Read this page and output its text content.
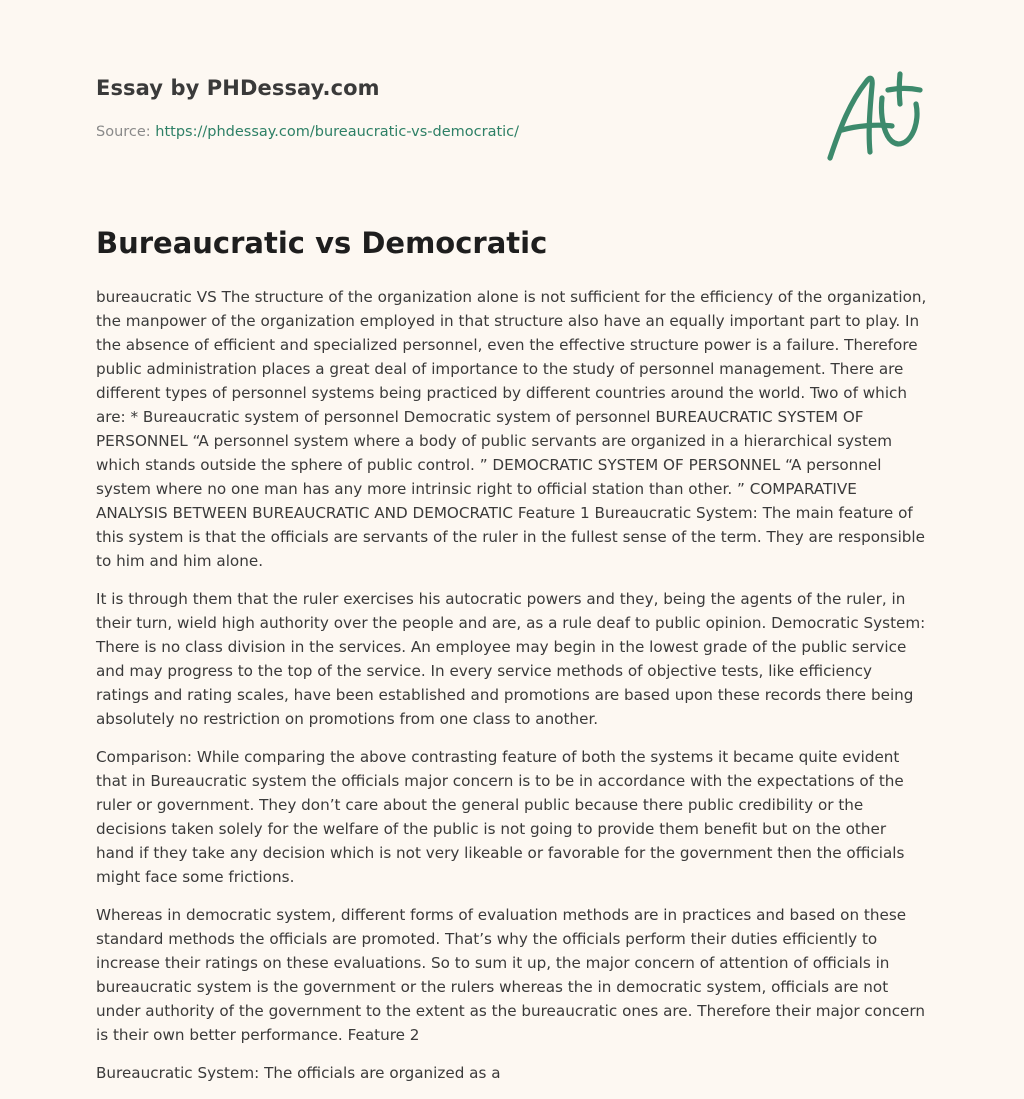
Essay by PHDessay.com
Source: https://phdessay.com/bureaucratic-vs-democratic/
Bureaucratic vs Democratic

bureaucratic VS The structure of the organization alone is not sufficient for the efficiency of the organization, the manpower of the organization employed in that structure also have an equally important part to play. In the absence of efficient and specialized personnel, even the effective structure power is a failure. Therefore public administration places a great deal of importance to the study of personnel management. There are different types of personnel systems being practiced by different countries around the world. Two of which are: * Bureaucratic system of personnel Democratic system of personnel BUREAUCRATIC SYSTEM OF PERSONNEL “A personnel system where a body of public servants are organized in a hierarchical system which stands outside the sphere of public control. ” DEMOCRATIC SYSTEM OF PERSONNEL “A personnel system where no one man has any more intrinsic right to official station than other. ” COMPARATIVE ANALYSIS BETWEEN BUREAUCRATIC AND DEMOCRATIC Feature 1 Bureaucratic System: The main feature of this system is that the officials are servants of the ruler in the fullest sense of the term. They are responsible to him and him alone.

It is through them that the ruler exercises his autocratic powers and they, being the agents of the ruler, in their turn, wield high authority over the people and are, as a rule deaf to public opinion. Democratic System: There is no class division in the services. An employee may begin in the lowest grade of the public service and may progress to the top of the service. In every service methods of objective tests, like efficiency ratings and rating scales, have been established and promotions are based upon these records there being absolutely no restriction on promotions from one class to another.

Comparison: While comparing the above contrasting feature of both the systems it became quite evident that in Bureaucratic system the officials major concern is to be in accordance with the expectations of the ruler or government. They don’t care about the general public because there public credibility or the decisions taken solely for the welfare of the public is not going to provide them benefit but on the other hand if they take any decision which is not very likeable or favorable for the government then the officials might face some frictions.

Whereas in democratic system, different forms of evaluation methods are in practices and based on these standard methods the officials are promoted. That’s why the officials perform their duties efficiently to increase their ratings on these evaluations. So to sum it up, the major concern of attention of officials in bureaucratic system is the government or the rulers whereas the in democratic system, officials are not under authority of the government to the extent as the bureaucratic ones are. Therefore their major concern is their own better performance. Feature 2

Bureaucratic System: The officials are organized as a
